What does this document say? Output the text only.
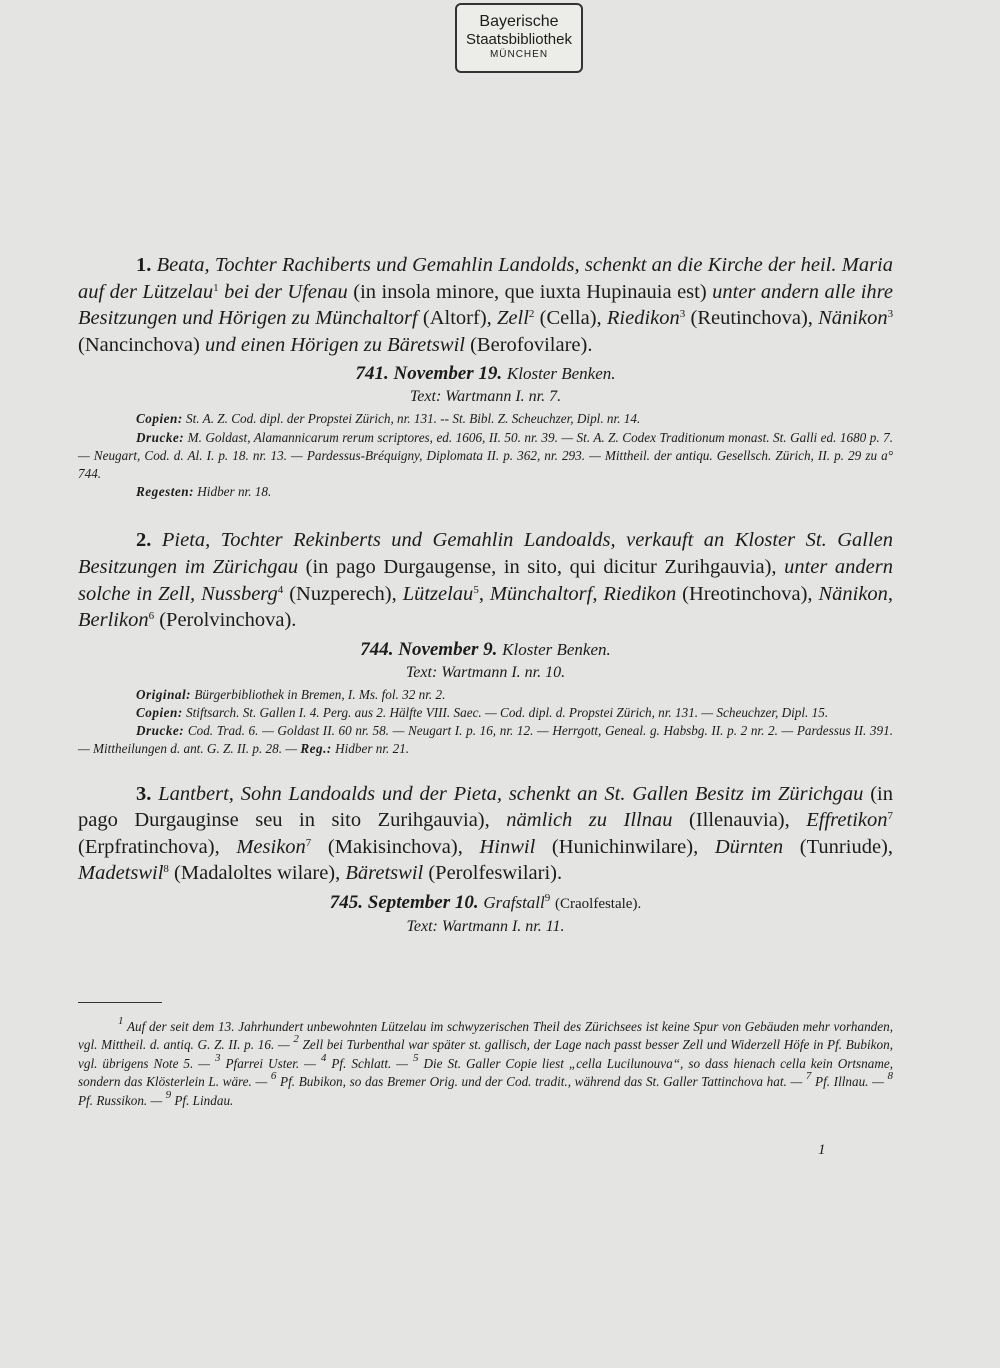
Bayerische
Staatsbibliothek
MÜNCHEN

1. Beata, Tochter Rachiberts und Gemahlin Landolds, schenkt an die Kirche der heil. Maria auf der Lützelau$^1$ bei der Ufenau (in insola minore, que iuxta Hupinauia est) unter andern alle ihre Besitzungen und Hörigen zu Münchaltorf (Altorf), Zell$^2$ (Cella), Riedikon$^3$ (Reutinchova), Nänikon$^3$ (Nancinchova) und einen Hörigen zu Bäretswil (Berofovilare).

741. November 19. Kloster Benken.

Text: Wartmann I. nr. 7.

Copien: St. A. Z. Cod. dipl. der Propstei Zürich, nr. 131. -- St. Bibl. Z. Scheuchzer, Dipl. nr. 14.

Drucke: M. Goldast, Alamannicarum rerum scriptores, ed. 1606, II. 50. nr. 39. — St. A. Z. Codex Traditionum monast. St. Galli ed. 1680 p. 7. — Neugart, Cod. d. Al. I. p. 18. nr. 13. — Pardessus-Bréquigny, Diplomata II. p. 362, nr. 293. — Mittheil. der antiqu. Gesellsch. Zürich, II. p. 29 zu a° 744.

Regesten: Hidber nr. 18.

2. Pieta, Tochter Rekinberts und Gemahlin Landoalds, verkauft an Kloster St. Gallen Besitzungen im Zürichgau (in pago Durgaugense, in sito, qui dicitur Zurihgauvia), unter andern solche in Zell, Nussberg$^4$ (Nuzperech), Lützelau$^5$, Münchaltorf, Riedikon (Hreotinchova), Nänikon, Berlikon$^6$ (Perolvinchova).

744. November 9. Kloster Benken.

Text: Wartmann I. nr. 10.

Original: Bürgerbibliothek in Bremen, I. Ms. fol. 32 nr. 2.

Copien: Stiftsarch. St. Gallen I. 4. Perg. aus 2. Hälfte VIII. Saec. — Cod. dipl. d. Propstei Zürich, nr. 131. — Scheuchzer, Dipl. 15.

Drucke: Cod. Trad. 6. — Goldast II. 60 nr. 58. — Neugart I. p. 16, nr. 12. — Herrgott, Geneal. g. Habsbg. II. p. 2 nr. 2. — Pardessus II. 391. — Mittheilungen d. ant. G. Z. II. p. 28. — Reg.: Hidber nr. 21.

3. Lantbert, Sohn Landoalds und der Pieta, schenkt an St. Gallen Besitz im Zürichgau (in pago Durgauginse seu in sito Zurihgauvia), nämlich zu Illnau (Illenauvia), Effretikon$^7$ (Erpfratinchova), Mesikon$^7$ (Makisinchova), Hinwil (Hunichinwilare), Dürnten (Tunriude), Madetswil$^8$ (Madaloltes wilare), Bäretswil (Perolfeswilari).

745. September 10. Grafstall$^9$ (Craolfestale).

Text: Wartmann I. nr. 11.

$^1$ Auf der seit dem 13. Jahrhundert unbewohnten Lützelau im schwyzerischen Theil des Zürichsees ist keine Spur von Gebäuden mehr vorhanden, vgl. Mittheil. d. antiq. G. Z. II. p. 16. — $^2$ Zell bei Turbenthal war später st. gallisch, der Lage nach passt besser Zell und Widerzell Höfe in Pf. Bubikon, vgl. übrigens Note 5. — $^3$ Pfarrei Uster. — $^4$ Pf. Schlatt. — $^5$ Die St. Galler Copie liest „cella Lucilunouva“, so dass hienach cella kein Ortsname, sondern das Klösterlein L. wäre. — $^6$ Pf. Bubikon, so das Bremer Orig. und der Cod. tradit., während das St. Galler Tattinchova hat. — $^7$ Pf. Illnau. — $^8$ Pf. Russikon. — $^9$ Pf. Lindau.

1
